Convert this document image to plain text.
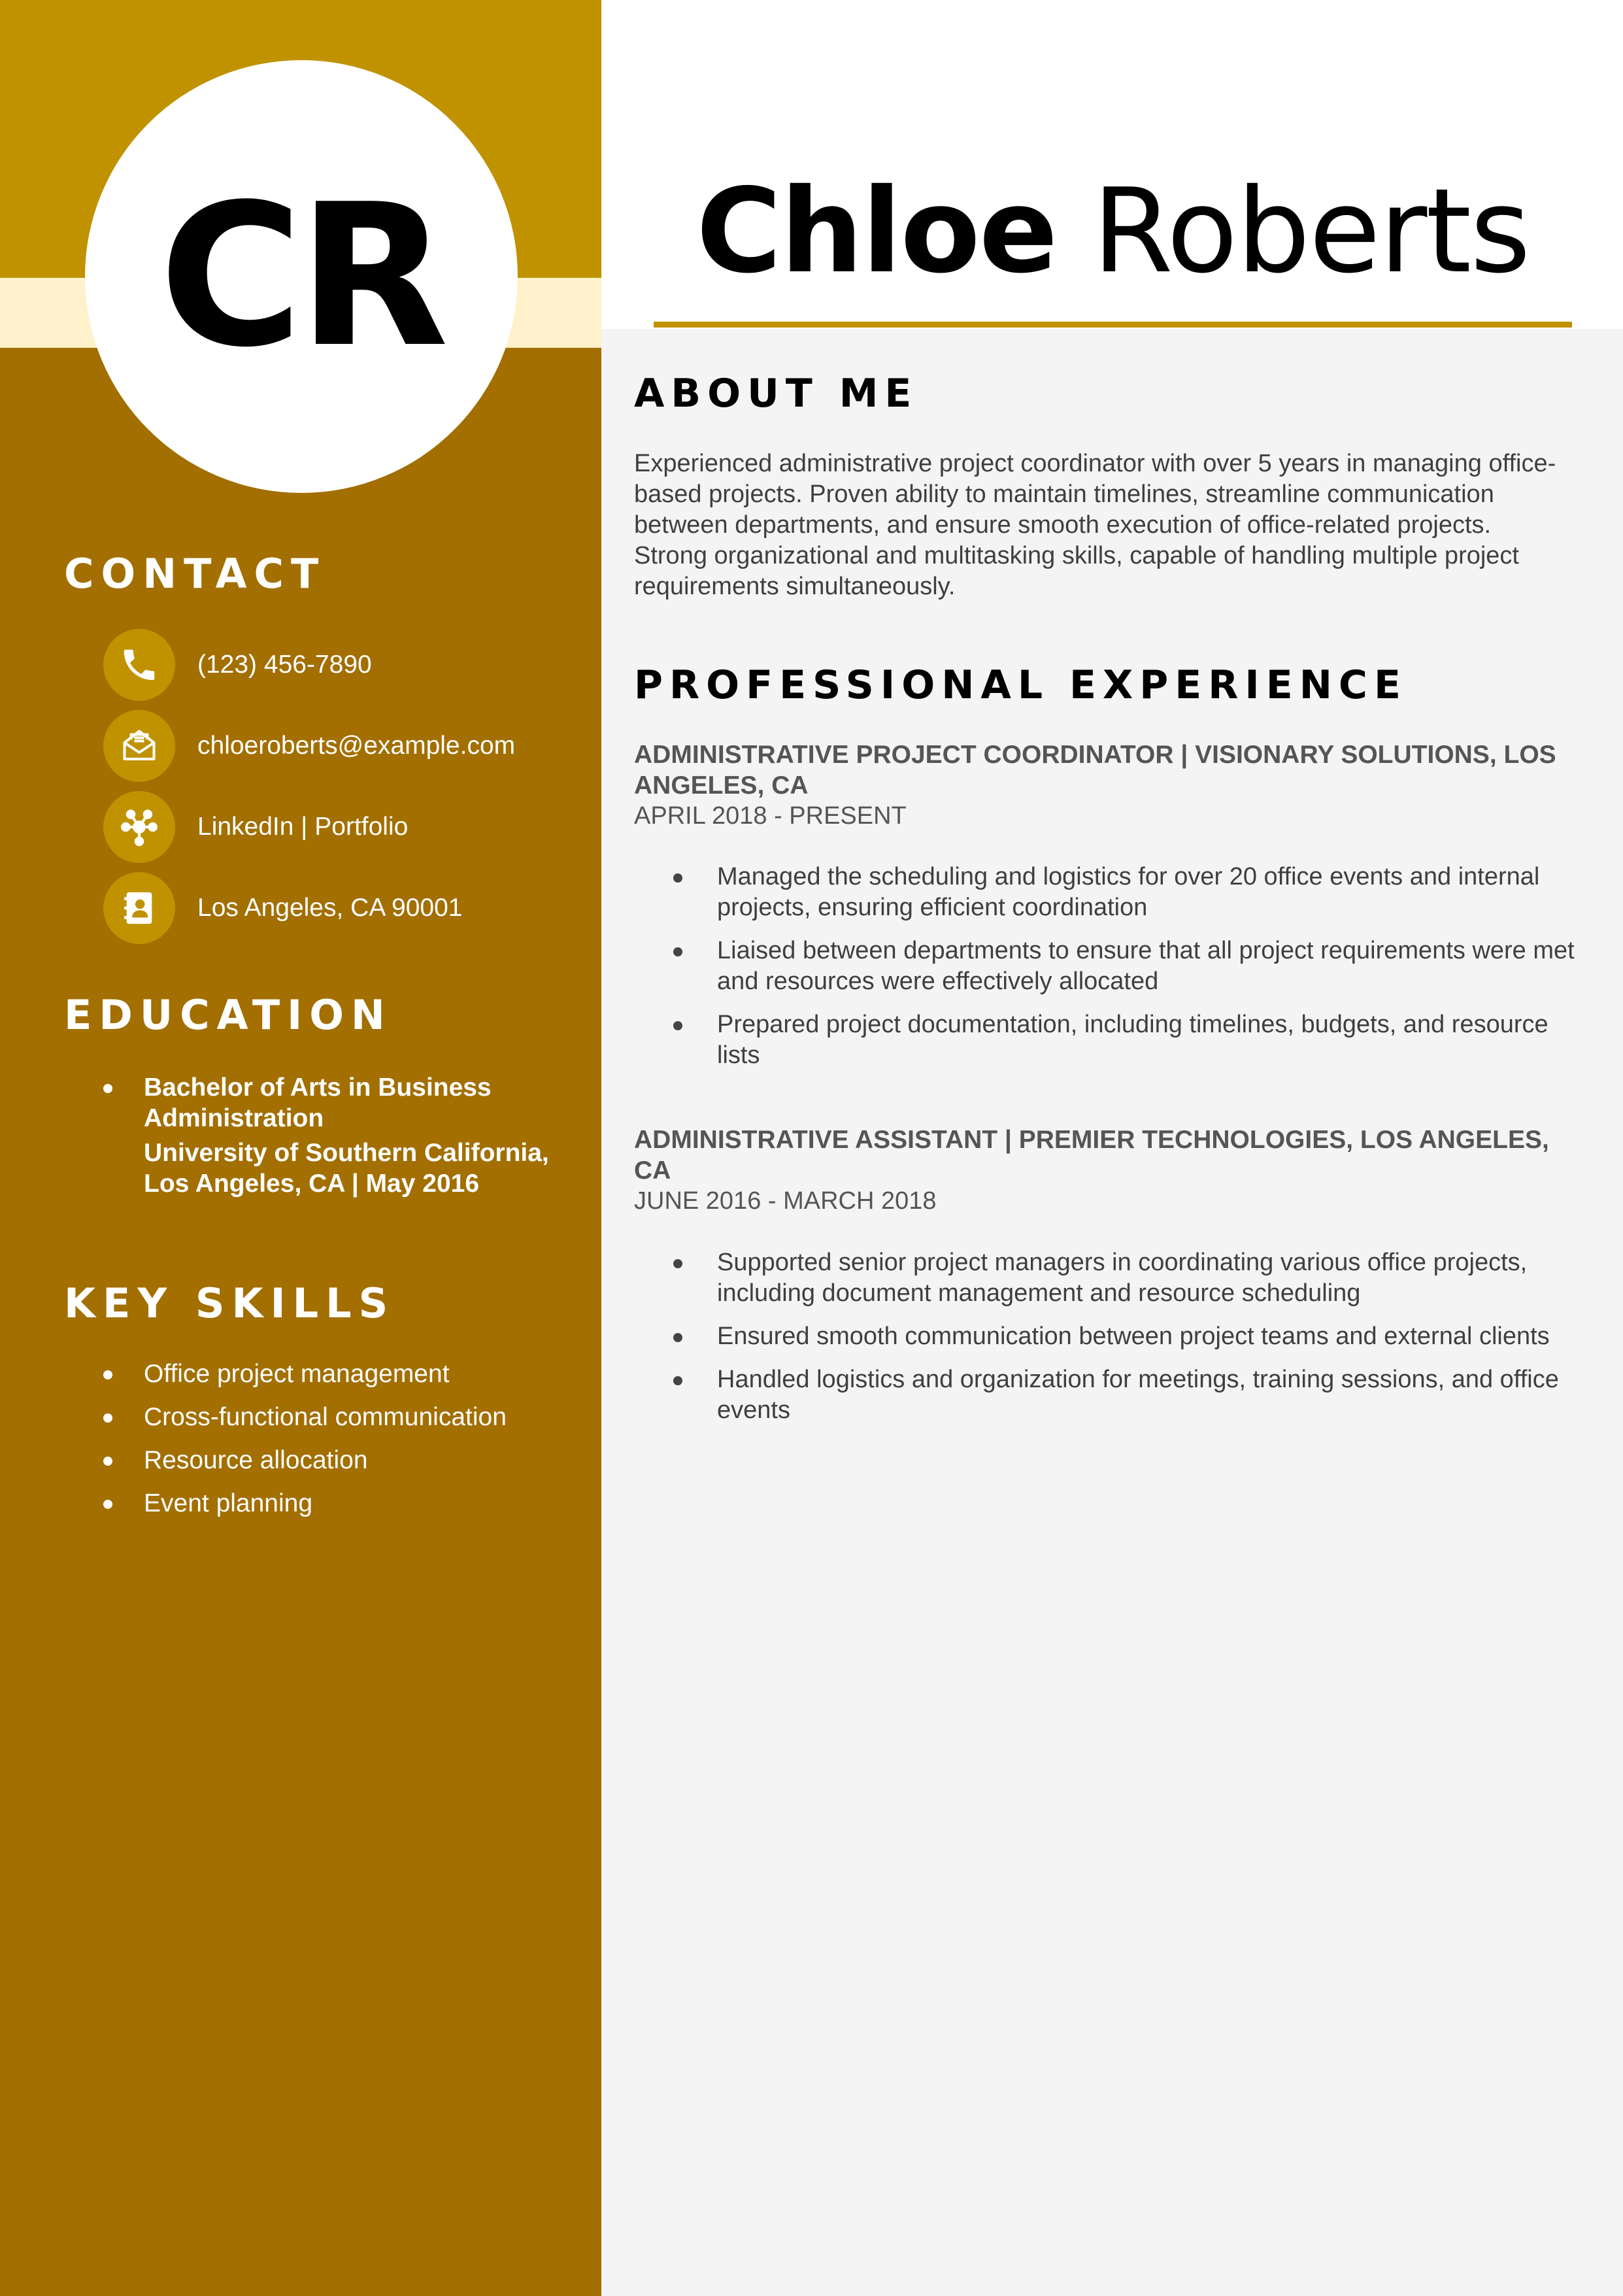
CR
CONTACT
(123) 456-7890
chloeroberts@example.com
LinkedIn | Portfolio
Los Angeles, CA 90001
EDUCATION
Bachelor of Arts in Business Administration
University of Southern California, Los Angeles, CA | May 2016
KEY SKILLS
Office project management
Cross-functional communication
Resource allocation
Event planning
Chloe Roberts
ABOUT ME

Experienced administrative project coordinator with over 5 years in managing office-based projects. Proven ability to maintain timelines, streamline communication between departments, and ensure smooth execution of office-related projects. Strong organizational and multitasking skills, capable of handling multiple project requirements simultaneously.

PROFESSIONAL EXPERIENCE
ADMINISTRATIVE PROJECT COORDINATOR | VISIONARY SOLUTIONS, LOS ANGELES, CA
APRIL 2018 - PRESENT
Managed the scheduling and logistics for over 20 office events and internal projects, ensuring efficient coordination
Liaised between departments to ensure that all project requirements were met and resources were effectively allocated
Prepared project documentation, including timelines, budgets, and resource lists
ADMINISTRATIVE ASSISTANT | PREMIER TECHNOLOGIES, LOS ANGELES, CA
JUNE 2016 - MARCH 2018
Supported senior project managers in coordinating various office projects, including document management and resource scheduling
Ensured smooth communication between project teams and external clients
Handled logistics and organization for meetings, training sessions, and office events
